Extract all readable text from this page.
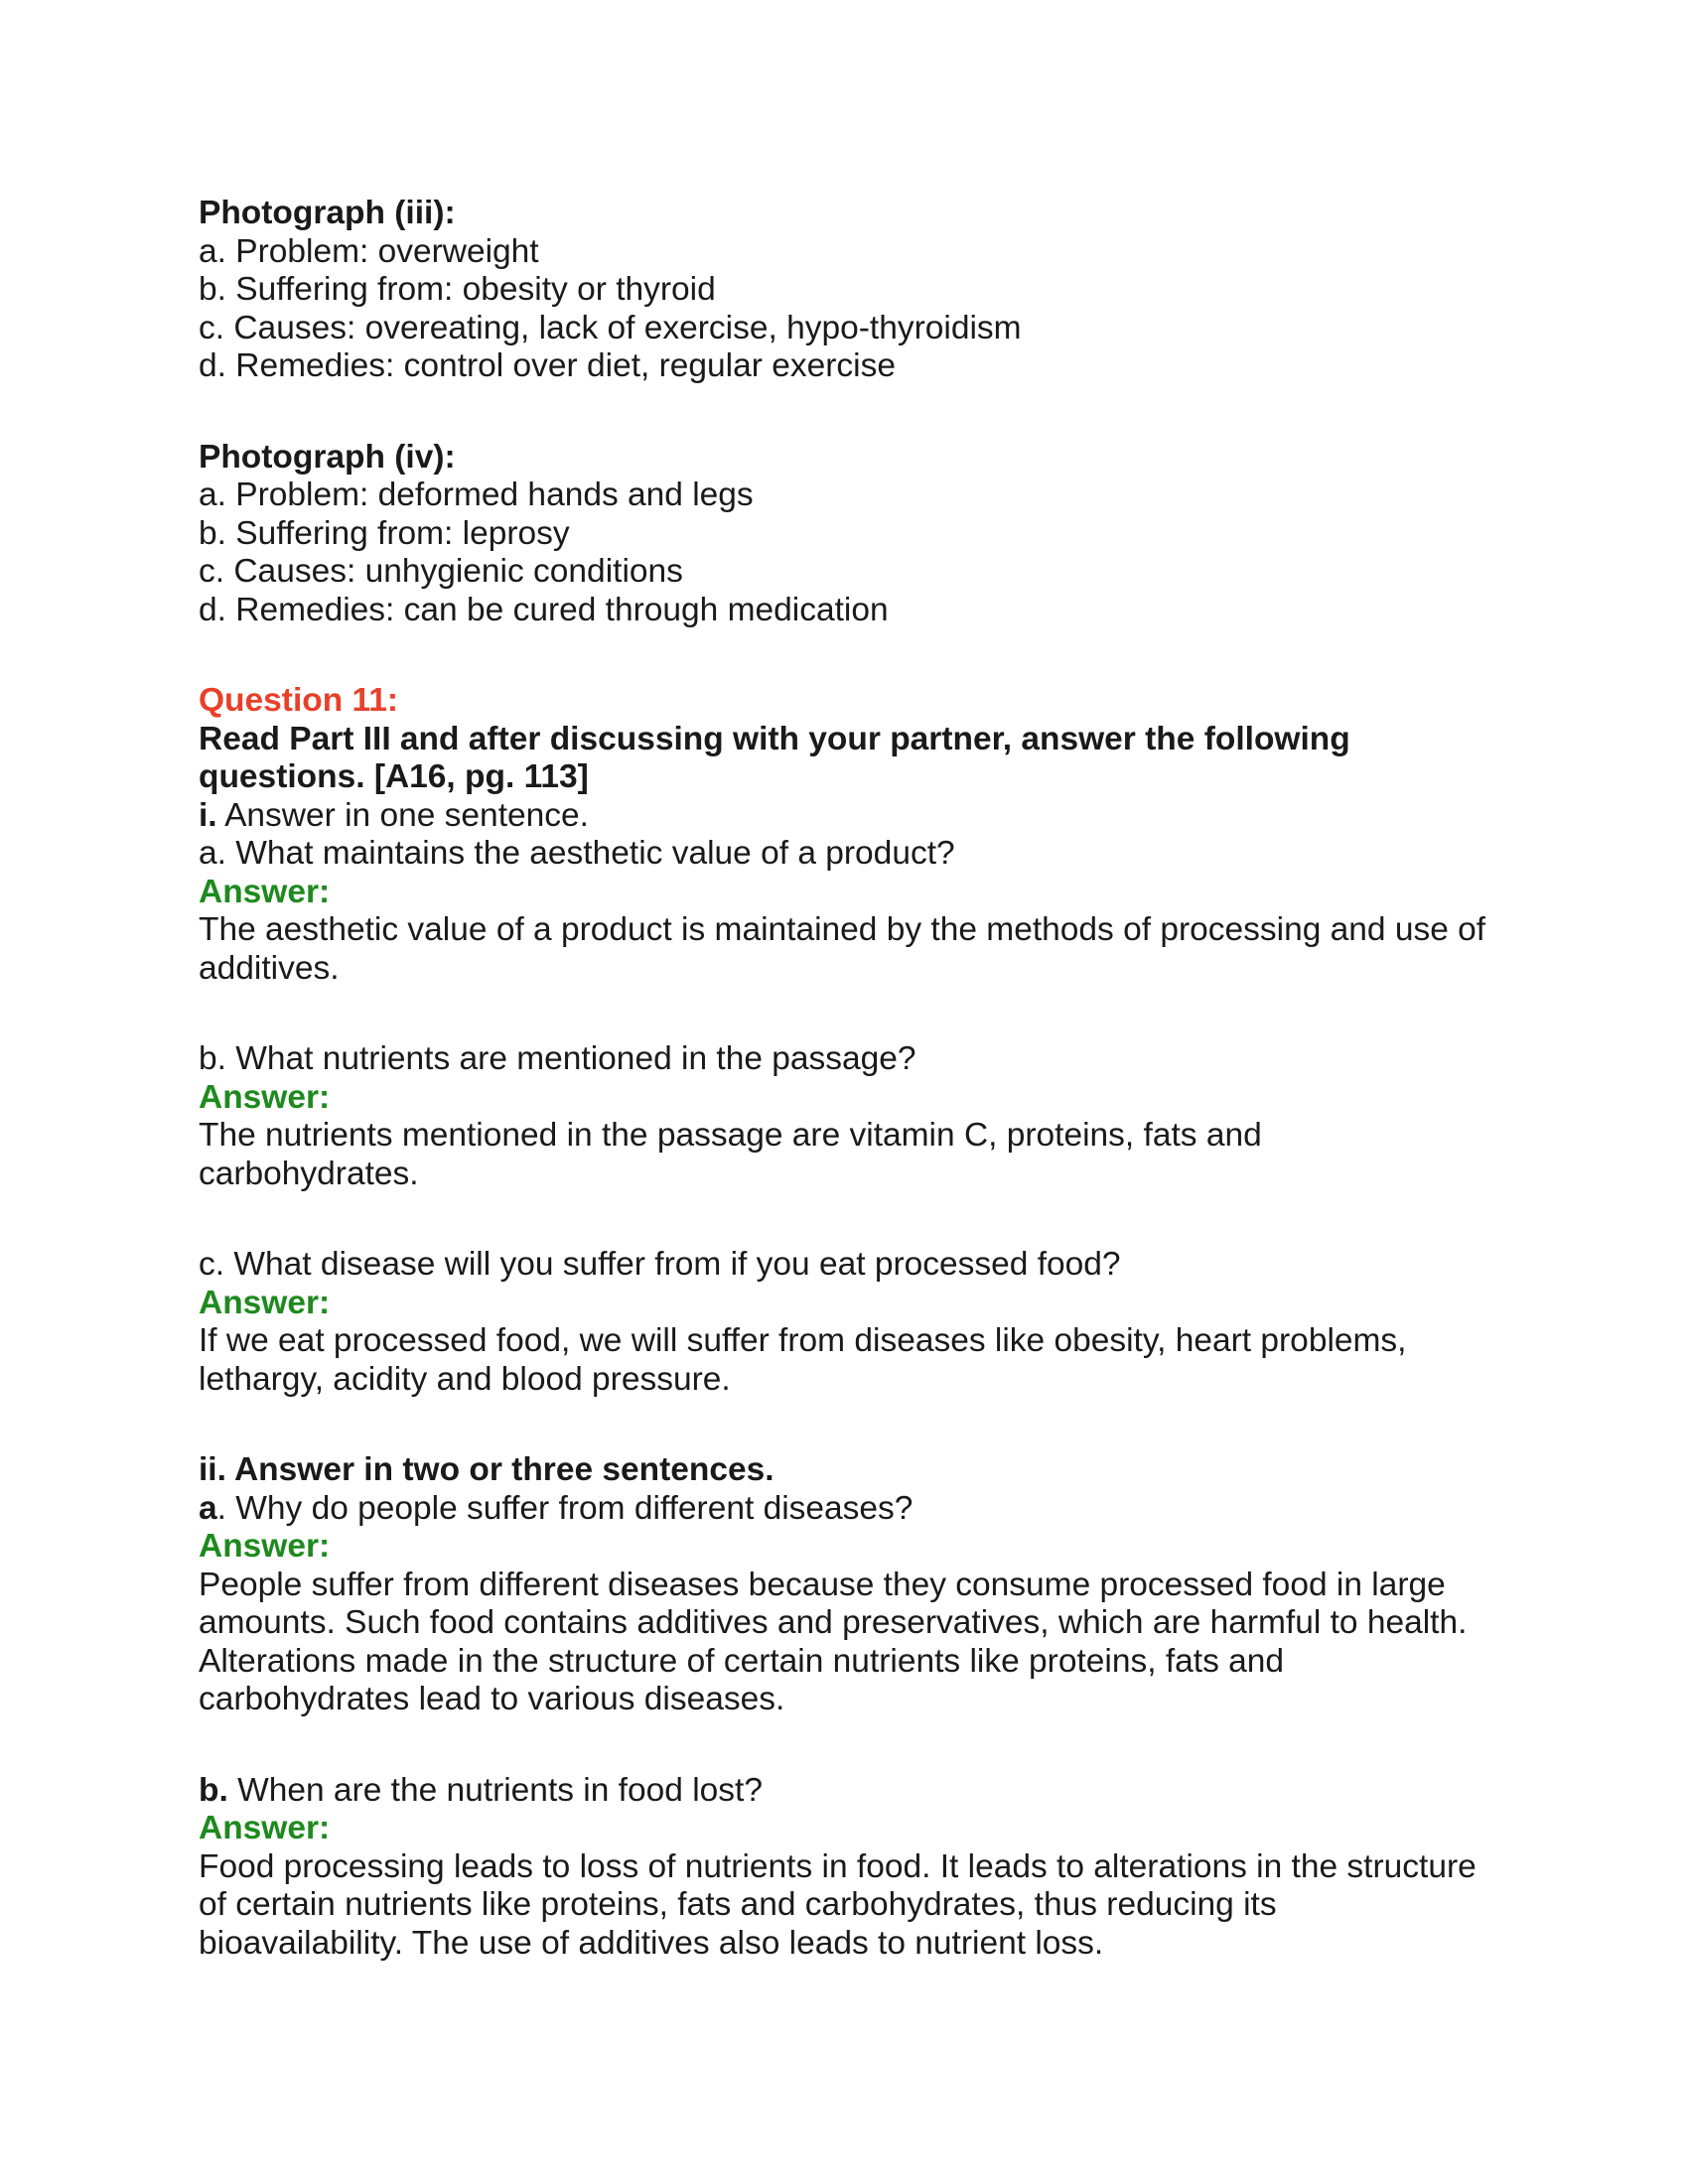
Photograph (iii):

a. Problem: overweight

b. Suffering from: obesity or thyroid

c. Causes: overeating, lack of exercise, hypo-thyroidism

d. Remedies: control over diet, regular exercise

Photograph (iv):

a. Problem: deformed hands and legs

b. Suffering from: leprosy

c. Causes: unhygienic conditions

d. Remedies: can be cured through medication

Question 11:

Read Part III and after discussing with your partner, answer the following questions. [A16, pg. 113]

i. Answer in one sentence.

a. What maintains the aesthetic value of a product?

Answer:

The aesthetic value of a product is maintained by the methods of processing and use of additives.

b. What nutrients are mentioned in the passage?

Answer:

The nutrients mentioned in the passage are vitamin C, proteins, fats and carbohydrates.

c. What disease will you suffer from if you eat processed food?

Answer:

If we eat processed food, we will suffer from diseases like obesity, heart problems, lethargy, acidity and blood pressure.

ii. Answer in two or three sentences.

a. Why do people suffer from different diseases?

Answer:

People suffer from different diseases because they consume processed food in large amounts. Such food contains additives and preservatives, which are harmful to health. Alterations made in the structure of certain nutrients like proteins, fats and carbohydrates lead to various diseases.

b. When are the nutrients in food lost?

Answer:

Food processing leads to loss of nutrients in food. It leads to alterations in the structure of certain nutrients like proteins, fats and carbohydrates, thus reducing its bioavailability. The use of additives also leads to nutrient loss.
